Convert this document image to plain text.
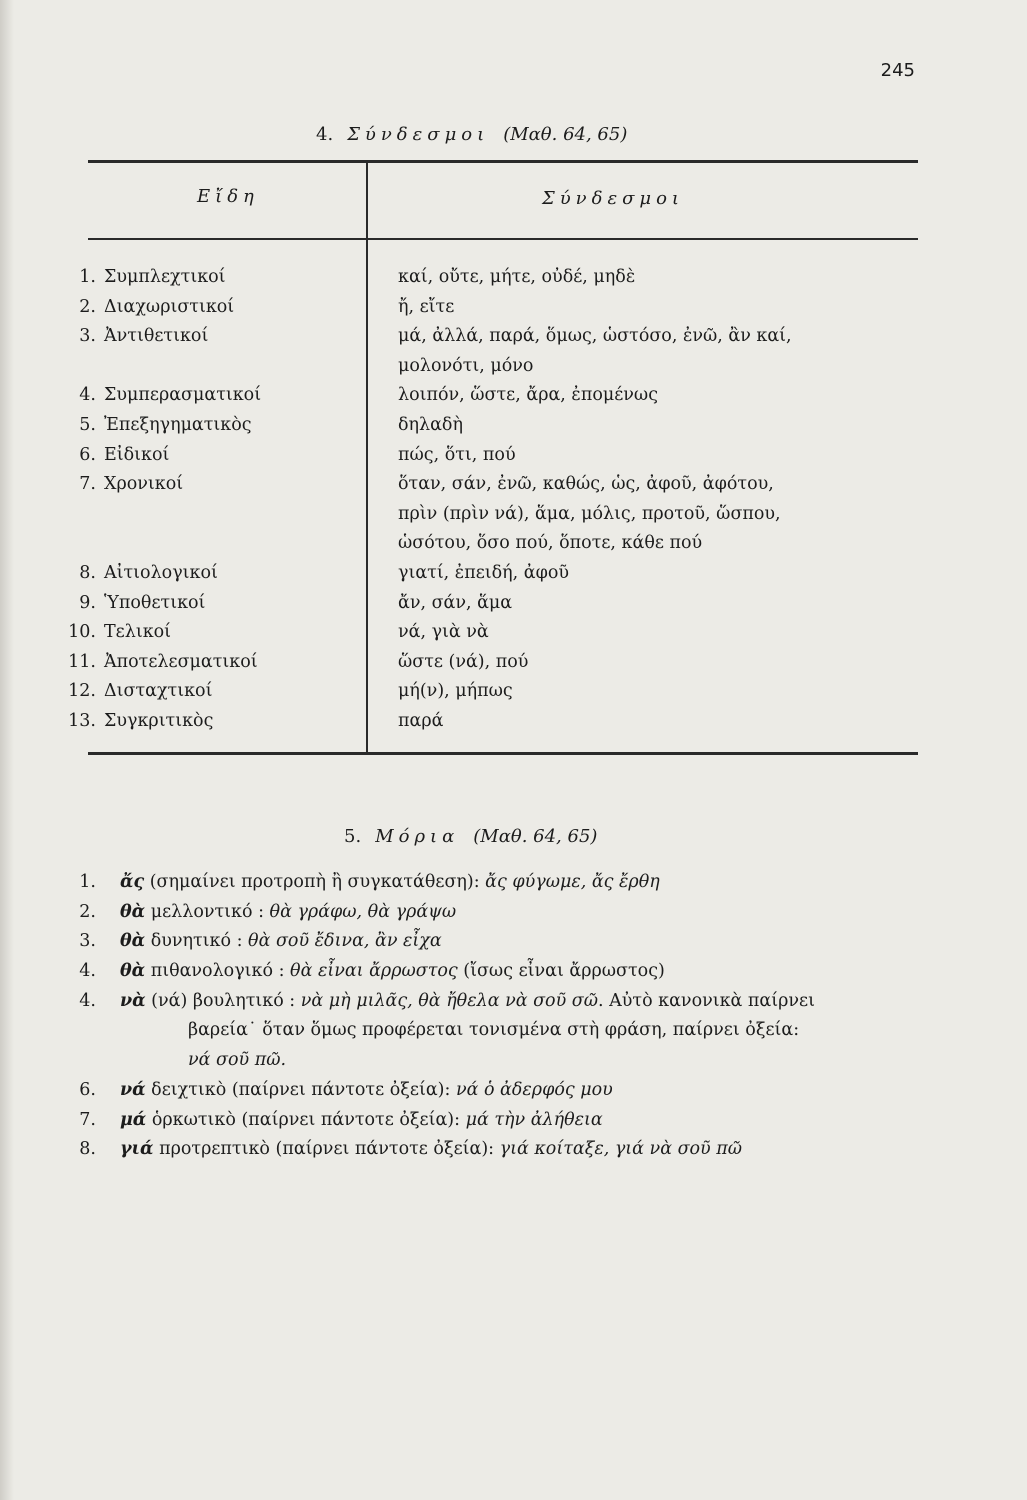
245
4. Σύνδεσμοι (Μαθ. 64, 65)
Εἴδη	Σύνδεσμοι
1. Συμπλεχτικοί	καί, οὔτε, μήτε, οὐδέ, μηδὲ
2. Διαχωριστικοί	ἤ, εἴτε
3. Ἀντιθετικοί	μά, ἀλλά, παρά, ὅμως, ὡστόσο, ἐνῶ, ἂν καί,
μολονότι, μόνο
4. Συμπερασματικοί	λοιπόν, ὥστε, ἄρα, ἐπομένως
5. Ἐπεξηγηματικὸς	δηλαδὴ
6. Εἰδικοί	πώς, ὅτι, πού
7. Χρονικοί	ὅταν, σάν, ἐνῶ, καθώς, ὡς, ἀφοῦ, ἀφότου,
πρὶν (πρὶν νά), ἅμα, μόλις, προτοῦ, ὥσπου,
ὡσότου, ὅσο πού, ὅποτε, κάθε πού
8. Αἰτιολογικοί	γιατί, ἐπειδή, ἀφοῦ
9. Ὑποθετικοί	ἄν, σάν, ἅμα
10. Τελικοί	νά, γιὰ νὰ
11. Ἀποτελεσματικοί	ὥστε (νά), πού
12. Δισταχτικοί	μή(ν), μήπως
13. Συγκριτικὸς	παρά
5. Μόρια (Μαθ. 64, 65)
1. ἄς (σημαίνει προτροπὴ ἢ συγκατάθεση): ἄς φύγωμε, ἄς ἔρθη
2. θὰ μελλοντικό : θὰ γράφω, θὰ γράψω
3. θὰ δυνητικό : θὰ σοῦ ἔδινα, ἂν εἶχα
4. θὰ πιθανολογικό : θὰ εἶναι ἄρρωστος (ἴσως εἶναι ἄρρωστος)
4. νὰ (νά) βουλητικό : νὰ μὴ μιλᾶς, θὰ ἤθελα νὰ σοῦ σῶ. Αὐτὸ κανονικὰ παίρνει
βαρεία˙ ὅταν ὅμως προφέρεται τονισμένα στὴ φράση, παίρνει ὀξεία:
νά σοῦ πῶ.
6. νά δειχτικὸ (παίρνει πάντοτε ὀξεία): νά ὁ ἀδερφός μου
7. μά ὁρκωτικὸ (παίρνει πάντοτε ὀξεία): μά τὴν ἀλήθεια
8. γιά προτρεπτικὸ (παίρνει πάντοτε ὀξεία): γιά κοίταξε, γιά νὰ σοῦ πῶ
